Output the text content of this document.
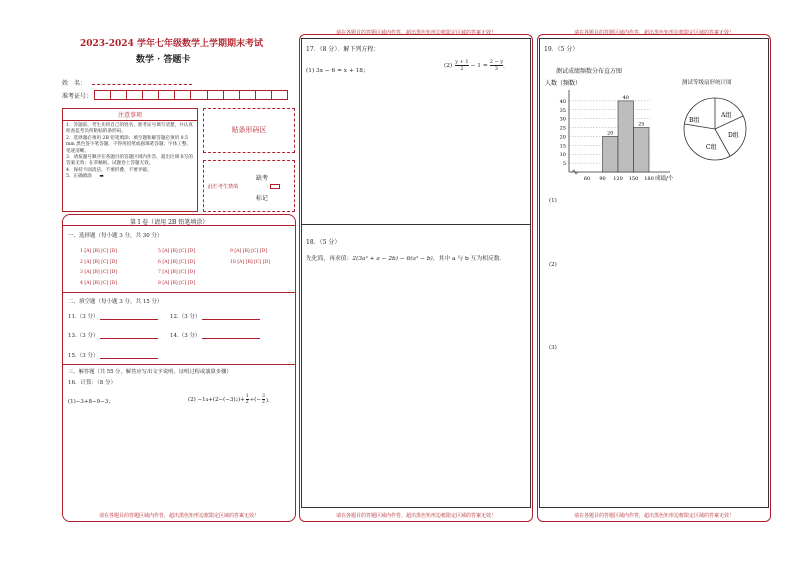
2023-2024 学年七年级数学上学期期末考试
数学 · 答题卡
姓　名：
准考证号：
注意事项
1．答题前，考生先将自己的姓名、准考证号填写清楚，并认真检查监考员所粘贴的条形码。
2．选择题必须用 2B 铅笔填涂；填空题和解答题必须用 0.5 mm 黑色签字笔答题，不得用铅笔或圆珠笔答题；字体工整、笔迹清晰。
3．请按题号顺序在各题目的答题区域内作答，超出区域书写的答案无效；在草稿纸、试题卷上答题无效。
4．保持卡面清洁，不要折叠、不要弄破。
5．正确填涂 ▬
贴条形码区
缺考
此栏考生禁填
标记
第 I 卷（请用 2B 铅笔填涂）
一、选择题（每小题 3 分，共 30 分）
1 [A] [B] [C] [D]
2 [A] [B] [C] [D]
3 [A] [B] [C] [D]
4 [A] [B] [C] [D]
5 [A] [B] [C] [D]
6 [A] [B] [C] [D]
7 [A] [B] [C] [D]
8 [A] [B] [C] [D]
9 [A] [B] [C] [D]
10 [A] [B] [C] [D]
二、填空题（每小题 3 分，共 15 分）
11.（3 分）	12.（3 分）
13.（3 分）	14.（3 分）
15.（3 分）
三、解答题（共 55 分，解答应写出文字说明、证明过程或演算步骤）
16．计算：（8 分）
(1)−3+8−9−3；	(2) −1 4 +(2−(−3) 2 )+ $\frac{1}{2}$ ÷(− $\frac{3}{2}$ )．
请在各题目的答题区域内作答，超出黑色矩形边框限定区域的答案无效！
请在各题目的答题区域内作答，超出黑色矩形边框限定区域的答案无效！
17．（8 分）．解下列方程：
(1) 3x − 6 = x + 18；
(2)
y + 1
2
− $1 = \frac{2 - y}{3}$ ．
18．（5 分）
先化简，再求值：2(3a² + a − 2b) − 6(a² − b)，其中 a 与 b 互为相反数．
请在各题目的答题区域内作答，超出黑色矩形边框限定区域的答案无效！
请在各题目的答题区域内作答，超出黑色矩形边框限定区域的答案无效！
19．（5 分）
测试成绩频数分布直方图
人数（频数）
5
10
15
20
25
30
35
40
60 90 120 150 180 成绩/个
20
40
25
测试等级扇形统计图
A组
B组
C组
D组
(1)
(2)
(3)
请在各题目的答题区域内作答，超出黑色矩形边框限定区域的答案无效！
